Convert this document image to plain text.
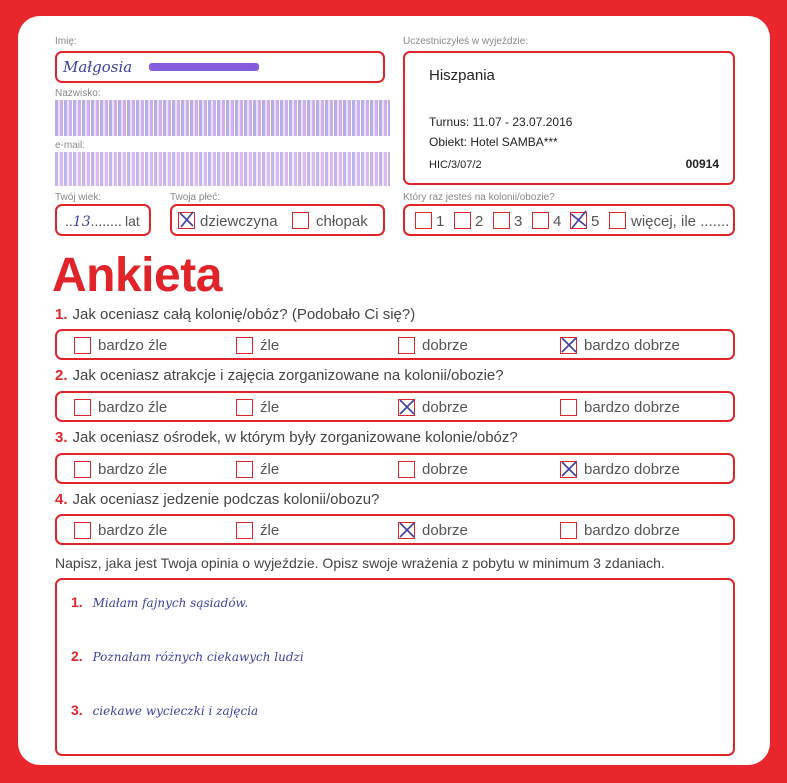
Imię:
Małgosia
Nazwisko:
e-mail:
Twój wiek:
..13........ lat
Twoja płeć:
dziewczyna	chłopak
Uczestniczyłeś w wyjeździe:
Hiszpania
Turnus: 11.07 - 23.07.2016
Obiekt: Hotel SAMBA***
HIC/3/07/2	00914
Który raz jesteś na kolonii/obozie?
1 2 3 4 5 więcej, ile .......
Ankieta
1. Jak oceniasz całą kolonię/obóz? (Podobało Ci się?)
bardzo źle	źle	dobrze	bardzo dobrze
2. Jak oceniasz atrakcje i zajęcia zorganizowane na kolonii/obozie?
bardzo źle	źle	dobrze	bardzo dobrze
3. Jak oceniasz ośrodek, w którym były zorganizowane kolonie/obóz?
bardzo źle	źle	dobrze	bardzo dobrze
4. Jak oceniasz jedzenie podczas kolonii/obozu?
bardzo źle	źle	dobrze	bardzo dobrze
Napisz, jaka jest Twoja opinia o wyjeździe. Opisz swoje wrażenia z pobytu w minimum 3 zdaniach.
1. Miałam fajnych sąsiadów.
2. Poznałam różnych ciekawych ludzi
3. ciekawe wycieczki i zajęcia
